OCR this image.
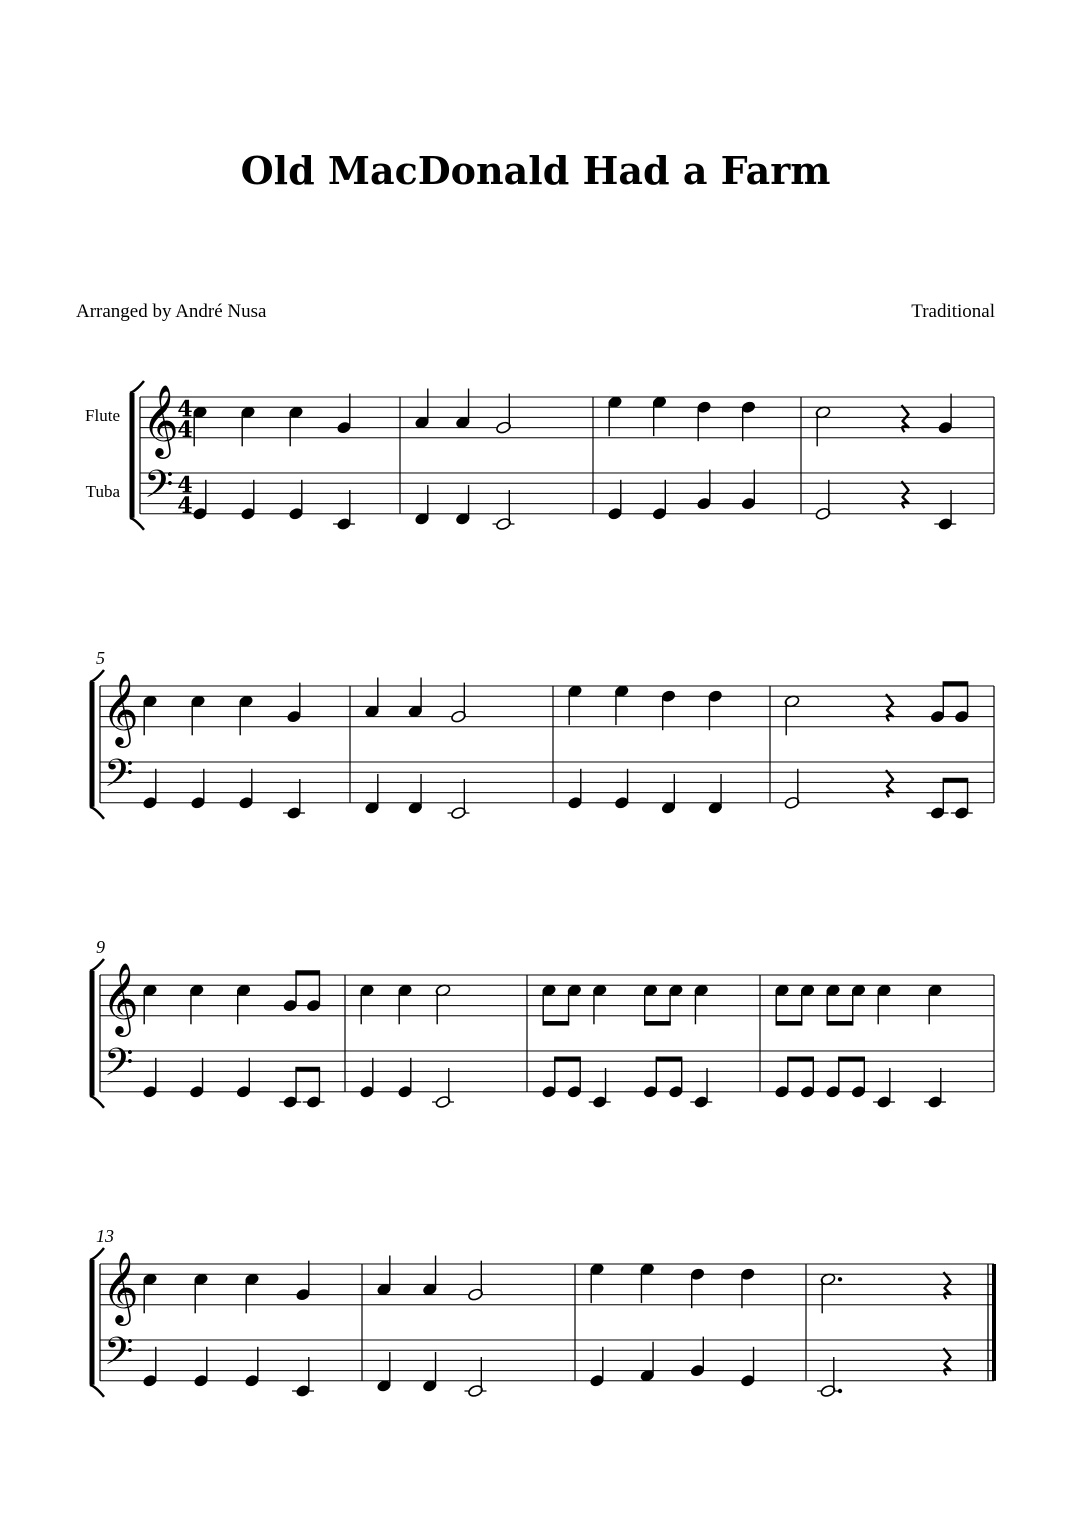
Old MacDonald Had a Farm
Arranged by André Nusa	Traditional
Flute
Tuba
𝄞
𝄢
4
4
4
4
5
𝄞
𝄢
9
𝄞
𝄢
13
𝄞
𝄢
